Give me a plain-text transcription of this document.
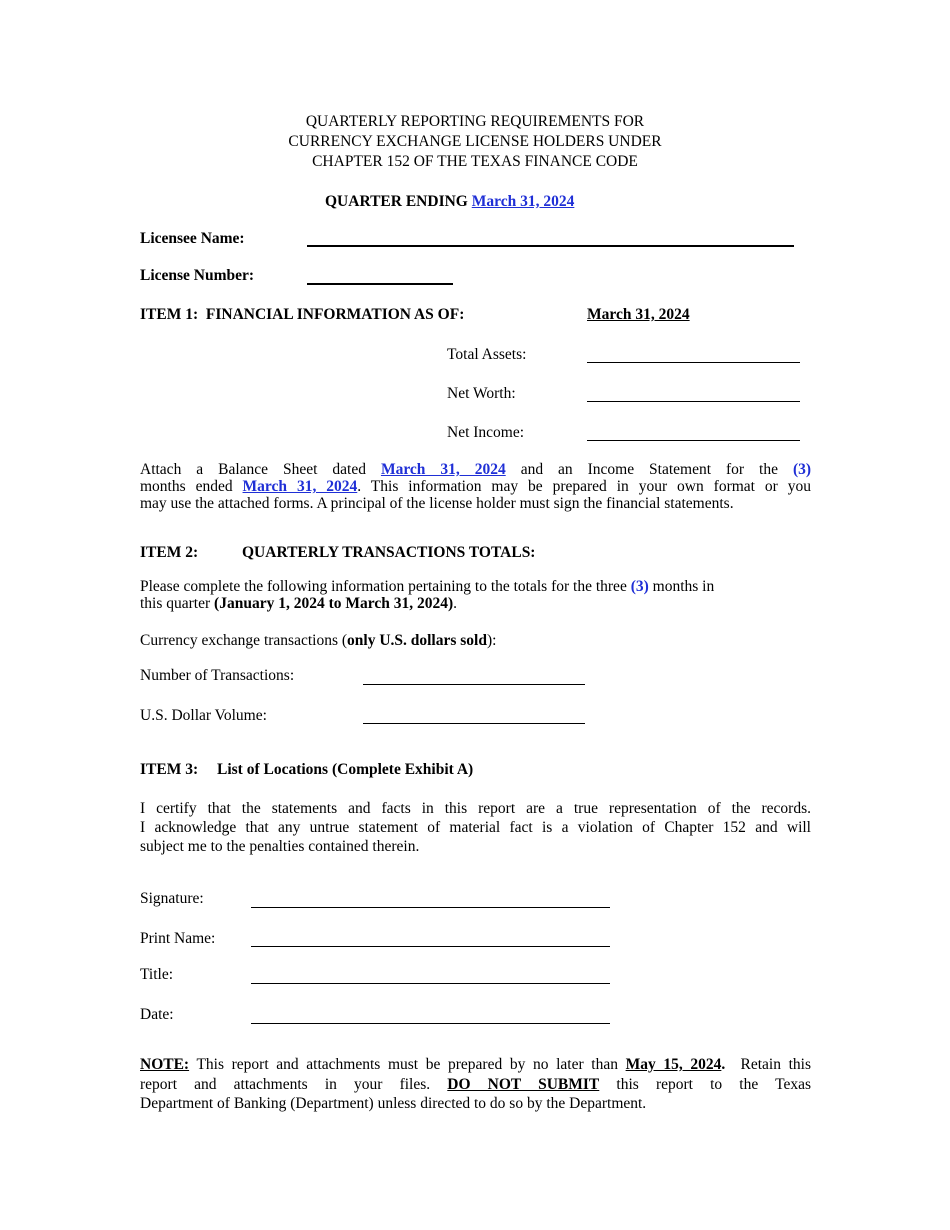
QUARTERLY REPORTING REQUIREMENTS FOR
CURRENCY EXCHANGE LICENSE HOLDERS UNDER
CHAPTER 152 OF THE TEXAS FINANCE CODE
QUARTER ENDING March 31, 2024
Licensee Name:
License Number:
ITEM 1:  FINANCIAL INFORMATION AS OF:	March 31, 2024
Total Assets:
Net Worth:
Net Income:
Attach a Balance Sheet dated March 31, 2024 and an Income Statement for the (3)
months ended March 31, 2024. This information may be prepared in your own format or you
may use the attached forms. A principal of the license holder must sign the financial statements.
ITEM 2:	QUARTERLY TRANSACTIONS TOTALS:
Please complete the following information pertaining to the totals for the three (3) months in
this quarter (January 1, 2024 to March 31, 2024).
Currency exchange transactions (only U.S. dollars sold):
Number of Transactions:
U.S. Dollar Volume:
ITEM 3: List of Locations (Complete Exhibit A)
I certify that the statements and facts in this report are a true representation of the records.
I acknowledge that any untrue statement of material fact is a violation of Chapter 152 and will
subject me to the penalties contained therein.
Signature:
Print Name:
Title:
Date:
NOTE: This report and attachments must be prepared by no later than May 15, 2024. Retain this
report and attachments in your files. DO NOT SUBMIT this report to the Texas
Department of Banking (Department) unless directed to do so by the Department.
